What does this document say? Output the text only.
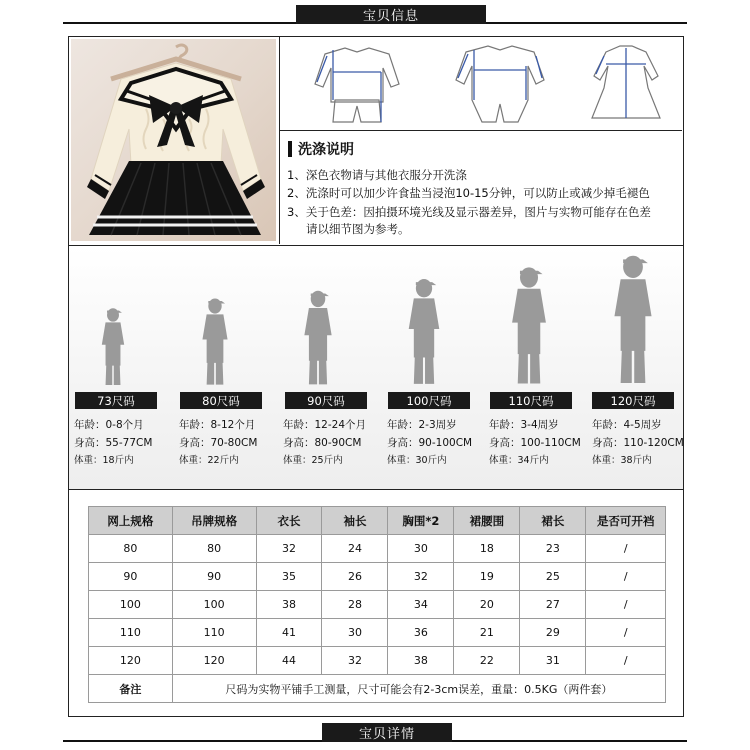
宝贝信息
洗涤说明
1、深色衣物请与其他衣服分开洗涤
2、洗涤时可以加少许食盐当浸泡10-15分钟，可以防止或减少掉毛褪色
3、关于色差：因拍摄环境光线及显示器差异，图片与实物可能存在色差
请以细节图为参考。
73尺码	80尺码	90尺码	100尺码	110尺码	120尺码
年龄：0-8个月
身高：55-77CM
体重：18斤内
年龄：8-12个月
身高：70-80CM
体重：22斤内
年龄：12-24个月
身高：80-90CM
体重：25斤内
年龄：2-3周岁
身高：90-100CM
体重：30斤内
年龄：3-4周岁
身高：100-110CM
体重：34斤内
年龄：4-5周岁
身高：110-120CM
体重：38斤内
网上规格	吊牌规格	衣长	袖长	胸围*2	裙腰围	裙长	是否可开裆
80	80	32	24	30	18	23	/
90	90	35	26	32	19	25	/
100	100	38	28	34	20	27	/
110	110	41	30	36	21	29	/
120	120	44	32	38	22	31	/
备注	尺码为实物平铺手工测量，尺寸可能会有2-3cm误差，重量：0.5KG（两件套）						
宝贝详情
